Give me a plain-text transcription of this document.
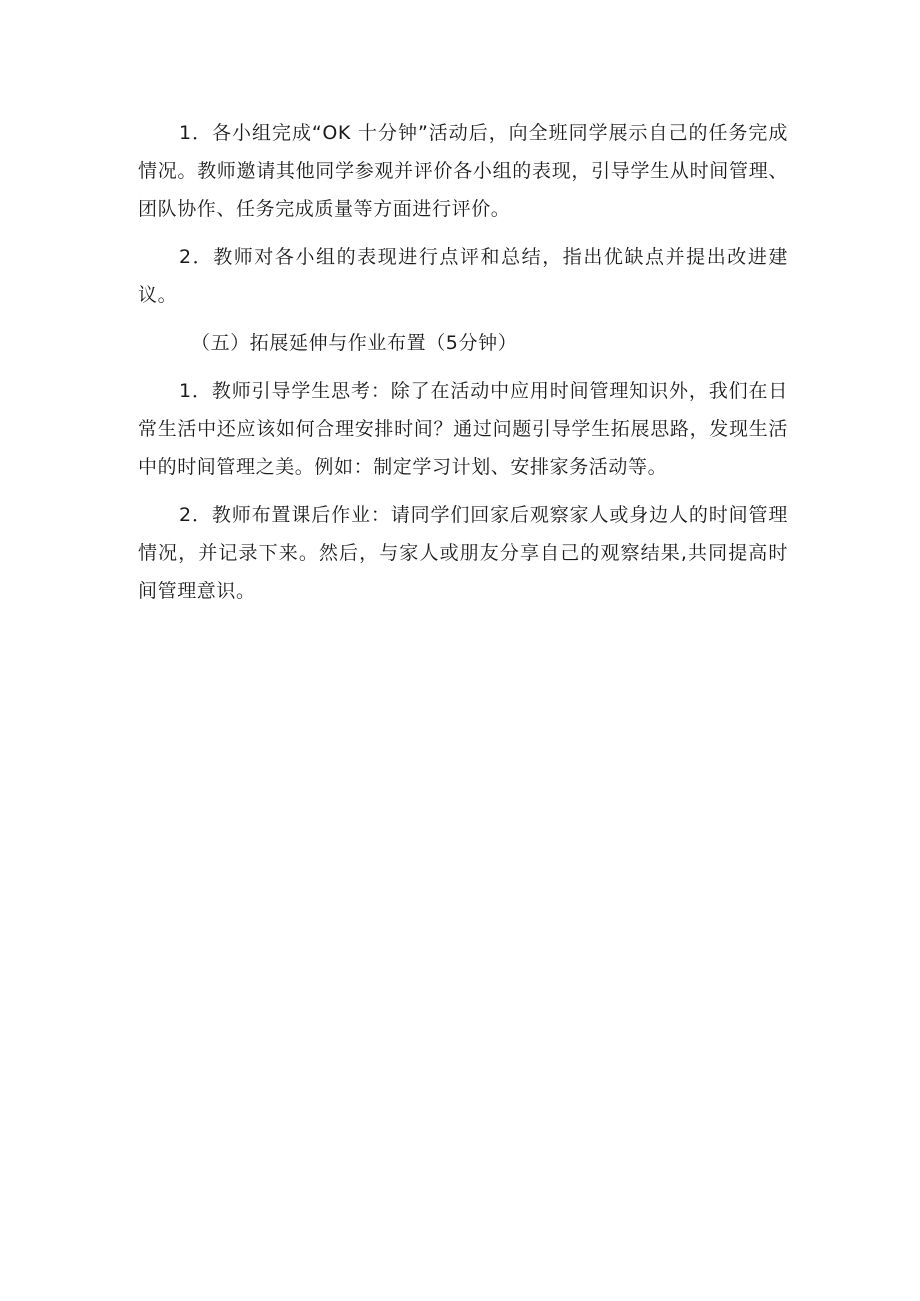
1．各小组完成“OK 十分钟”活动后，向全班同学展示自己的任务完成情况。教师邀请其他同学参观并评价各小组的表现，引导学生从时间管理、团队协作、任务完成质量等方面进行评价。

2．教师对各小组的表现进行点评和总结，指出优缺点并提出改进建议。

（五）拓展延伸与作业布置（5分钟）

1．教师引导学生思考：除了在活动中应用时间管理知识外，我们在日常生活中还应该如何合理安排时间？通过问题引导学生拓展思路，发现生活中的时间管理之美。例如：制定学习计划、安排家务活动等。

2．教师布置课后作业：请同学们回家后观察家人或身边人的时间管理情况，并记录下来。然后，与家人或朋友分享自己的观察结果,共同提高时间管理意识。
